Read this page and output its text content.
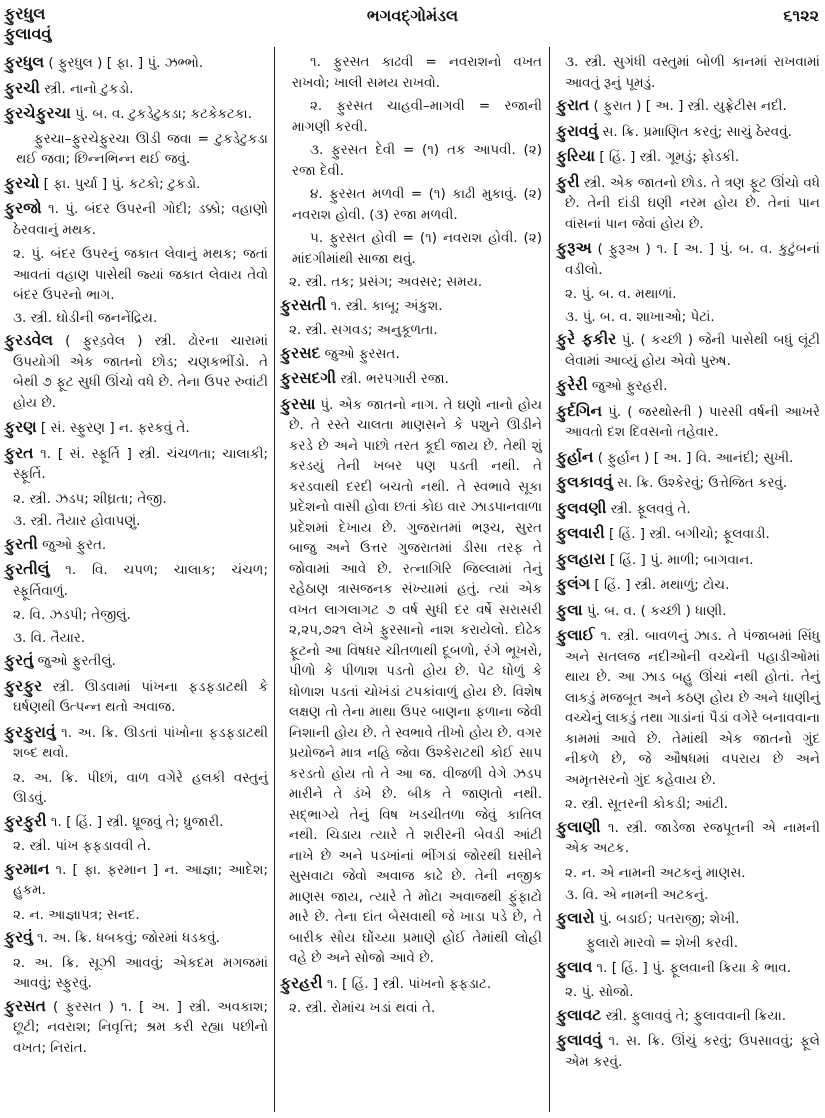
ફુરધુલ
ફુલાવવું
ભગવદ્ગોમંડલ	૬૧૨૨

ફુરધુલ ( ફુરધુલ ) [ ફા. ] પું. ઝભ્ભો.

ફુરચી સ્ત્રી. નાનો ટુકડો.

ફુરચેફુરચા પું. બ. વ. ટુકડેટુકડા; કટકેકટકા.

ફુરચા–ફુરચેફુરચા ઊડી જવા = ટુકડેટુકડા થઈ જવા; છિન્નભિન્ન થઈ જવું.

ફુરચો [ ફા. પુર્ચા ] પું. કટકો; ટુકડો.

ફુરજો ૧. પું. બંદર ઉપરની ગોદી; ડક્કો; વહાણો ઠેરવવાનું મથક.

૨. પું. બંદર ઉપરનું જકાત લેવાનું મથક; જતાં આવતાં વહાણ પાસેથી જ્યાં જકાત લેવાય તેવો બંદર ઉપરનો ભાગ.

૩. સ્ત્રી. ઘોડીની જનનેંદ્રિય.

ફુરડવેલ ( ફુરડ઼વેલ ) સ્ત્રી. ઢોરના ચારામાં ઉપયોગી એક જાતનો છોડ; ચણકભીંડો. તે બેથી ૭ ફૂટ સુધી ઊંચો વધે છે. તેના ઉપર રુવાંટી હોય છે.

ફુરણ [ સં. સ્ફુરણ ] ન. ફરકવું તે.

ફુરત ૧. [ સં. સ્ફૂર્તિ ] સ્ત્રી. ચંચળતા; ચાલાકી; સ્ફૂર્તિ.

૨. સ્ત્રી. ઝડપ; શીઘ્રતા; તેજી.

૩. સ્ત્રી. તૈયાર હોવાપણું.

ફુરતી જુઓ ફુરત.

ફુરતીલું ૧. વિ. ચપળ; ચાલાક; ચંચળ; સ્ફૂર્તિવાળું.

૨. વિ. ઝડપી; તેજીલું.

૩. વિ. તૈયાર.

ફુરતું જુઓ ફુરતીલું.

ફુરફુર સ્ત્રી. ઊડવામાં પાંખના ફડફડાટથી કે ઘર્ષણથી ઉત્પન્ન થતો અવાજ.

ફુરફુરાવું ૧. અ. ક્રિ. ઊડતાં પાંખોના ફડફડાટથી શબ્દ થવો.

૨. અ. ક્રિ. પીછાં, વાળ વગેરે હલકી વસ્તુનું ઊડવું.

ફુરફુરી ૧. [ હિં. ] સ્ત્રી. ધ્રૂજવું તે; ધ્રુજારી.

૨. સ્ત્રી. પાંખ ફફડાવવી તે.

ફુરમાન ૧. [ ફા. ફરમાન ] ન. આજ્ઞા; આદેશ; હુકમ.

૨. ન. આજ્ઞાપત્ર; સનદ.

ફુરવું ૧. અ. ક્રિ. ધબકવું; જોરમાં ધડકવું.

૨. અ. ક્રિ. સૂઝી આવવું; એકદમ મગજમાં આવવું; સ્ફુરવું.

ફુરસત ( ફુરસત ) ૧. [ અ. ] સ્ત્રી. અવકાશ; છૂટી; નવરાશ; નિવૃત્તિ; શ્રમ કરી રહ્યા પછીનો વખત; નિરાંત.

૧. ફુરસત કાઢવી = નવરાશનો વખત રાખવો; ખાલી સમય રાખવો.

૨. ફુરસત ચાહવી–માગવી = રજાની માગણી કરવી.

૩. ફુરસત દેવી = (૧) તક આપવી. (૨) રજા દેવી.

૪. ફુરસત મળવી = (૧) કાઢી મુકાવું. (૨) નવરાશ હોવી. (૩) રજા મળવી.

૫. ફુરસત હોવી = (૧) નવરાશ હોવી. (૨) માંદગીમાંથી સાજા થવું.

૨. સ્ત્રી. તક; પ્રસંગ; અવસર; સમય.

ફુરસતી ૧. સ્ત્રી. કાબૂ; અંકુશ.

૨. સ્ત્રી. સગવડ; અનુકૂળતા.

ફુરસદ જુઓ ફુરસત.

ફુરસદગી સ્ત્રી. ભરપગારી રજા.

ફુરસા પું. એક જાતનો નાગ. તે ઘણો નાનો હોય છે. તે રસ્તે ચાલતા માણસને કે પશુને ઊડીને કરડે છે અને પાછો તરત કૂદી જાય છે. તેથી શું કરડયું તેની ખબર પણ પડતી નથી. તે કરડવાથી દરદી બચતો નથી. તે સ્વભાવે સૂકા પ્રદેશનો વાસી હોવા છતાં કોઇ વાર ઝાડપાનવાળા પ્રદેશમાં દેખાય છે. ગુજરાતમાં ભરૂચ, સુરત બાજુ અને ઉત્તર ગુજરાતમાં ડીસા તરફ તે જોવામાં આવે છે. રત્નાગિરિ જિલ્લામાં તેનું રહેઠાણ ત્રાસજનક સંખ્યામાં હતું. ત્યાં એક વખત લાગલાગટ ૭ વર્ષ સુધી દર વર્ષે સરાસરી ૨,૨૫,૭૨૧ લેખે ફુરસાનો નાશ કરાયેલો. દોઢેક ફૂટનો આ વિષધર ચીતળાથી દૂબળો, રંગે ભૂખરો, પીળો કે પીળાશ પડતો હોય છે. પેટ ધોળું કે ધોળાશ પડતાં ચોખંડાં ટપકાંવાળું હોય છે. વિશેષ લક્ષણ તો તેના માથા ઉપર બાણના ફળાના જેવી નિશાની હોય છે. તે સ્વભાવે તીખો હોય છે. વગર પ્રયોજને માત્ર નહિ જેવા ઉશ્કેરાટથી કોઈ સાપ કરડતો હોય તો તે આ જ. વીજળી વેગે ઝડપ મારીને તે ડંખે છે. બીક તે જાણતો નથી. સદ્ભાગ્યે તેનું વિષ ખડચીતળા જેવું કાતિલ નથી. ચિડાય ત્યારે તે શરીરની બેવડી આંટી નાખે છે અને પડખાંનાં ભીંગડાં જોરથી ઘસીને સુસવાટા જેવો અવાજ કાઢે છે. તેની નજીક માણસ જાય, ત્યારે તે મોટા અવાજથી ફુંફાટો મારે છે. તેના દાંત બેસવાથી જે ખાડા પડે છે, તે બારીક સોય ઘોંચ્યા પ્રમાણે હોઈ તેમાંથી લોહી વહે છે અને સોજો આવે છે.

ફુરહરી ૧. [ હિં. ] સ્ત્રી. પાંખનો ફફડાટ.

૨. સ્ત્રી. રોમાંચ ખડાં થવાં તે.

૩. સ્ત્રી. સુગંધી વસ્તુમાં બોળી કાનમાં રાખવામાં આવતું રૂનું પૂમડું.

ફુરાત ( ફુરાત ) [ અ. ] સ્ત્રી. યુફ્રેટીસ નદી.

ફુરાવવું સ. ક્રિ. પ્રમાણિત કરવું; સાચું ઠેરવવું.

ફુરિયા [ હિં. ] સ્ત્રી. ગૂમડું; ફોડકી.

ફુરી સ્ત્રી. એક જાતનો છોડ. તે ત્રણ ફૂટ ઊંચો વધે છે. તેની દાંડી ઘણી નરમ હોય છે. તેનાં પાન વાંસનાં પાન જેવાં હોય છે.

ફુરૂઅ ( ફુરૂઅ ) ૧. [ અ. ] પું. બ. વ. કુટુંબનાં વડીલો.

૨. પું. બ. વ. મથાળાં.

૩. પું. બ. વ. શાખાઓ; પેટાં.

ફુરે ફકીર પું. ( કચ્છી ) જેની પાસેથી બધું લૂંટી લેવામાં આવ્યું હોય એવો પુરુષ.

ફુરેરી જુઓ ફુરહરી.

ફુર્દગિન પું. ( જરથોસ્તી ) પારસી વર્ષની આખરે આવતો દશ દિવસનો તહેવાર.

ફુર્હાન ( ફુર્હાન ) [ અ. ] વિ. આનંદી; સુખી.

ફુલકાવવું સ. ક્રિ. ઉશ્કેરવું; ઉત્તેજિત કરવું.

ફુલવણી સ્ત્રી. ફૂલવવું તે.

ફુલવારી [ હિં. ] સ્ત્રી. બગીચો; ફૂલવાડી.

ફુલહારા [ હિં. ] પું. માળી; બાગવાન.

ફુલંગ [ હિં. ] સ્ત્રી. મથાળું; ટોચ.

ફુલા પું. બ. વ. ( કચ્છી ) ધાણી.

ફુલાઈ ૧. સ્ત્રી. બાવળનું ઝાડ. તે પંજાબમાં સિંધુ અને સતલજ નદીઓની વચ્ચેની પહાડીઓમાં થાય છે. આ ઝાડ બહુ ઊંચાં નથી હોતાં. તેનું લાકડું મજબૂત અને કઠણ હોય છે અને ધાણીનું વચ્ચેનું લાકડું તથા ગાડાંનાં પૈડાં વગેરે બનાવવાના કામમાં આવે છે. તેમાંથી એક જાતનો ગુંદ નીકળે છે, જે ઔષધમાં વપરાય છે અને અમૃતસરનો ગુંદ કહેવાય છે.

૨. સ્ત્રી. સૂતરની કોકડી; આંટી.

ફુલાણી ૧. સ્ત્રી. જાડેજા રજપૂતની એ નામની એક અટક.

૨. ન. એ નામની અટકનું માણસ.

૩. વિ. એ નામની અટકનું.

ફુલારો પું. બડાઈ; પતરાજી; શેખી.

ફુલારો મારવો = શેખી કરવી.

ફુલાવ ૧. [ હિં. ] પું. ફૂલવાની ક્રિયા કે ભાવ.

૨. પું. સોજો.

ફુલાવટ સ્ત્રી. ફુલાવવું તે; ફુલાવવાની ક્રિયા.

ફુલાવવું ૧. સ. ક્રિ. ઊંચું કરવું; ઉપસાવવું; ફૂલે એમ કરવું.
